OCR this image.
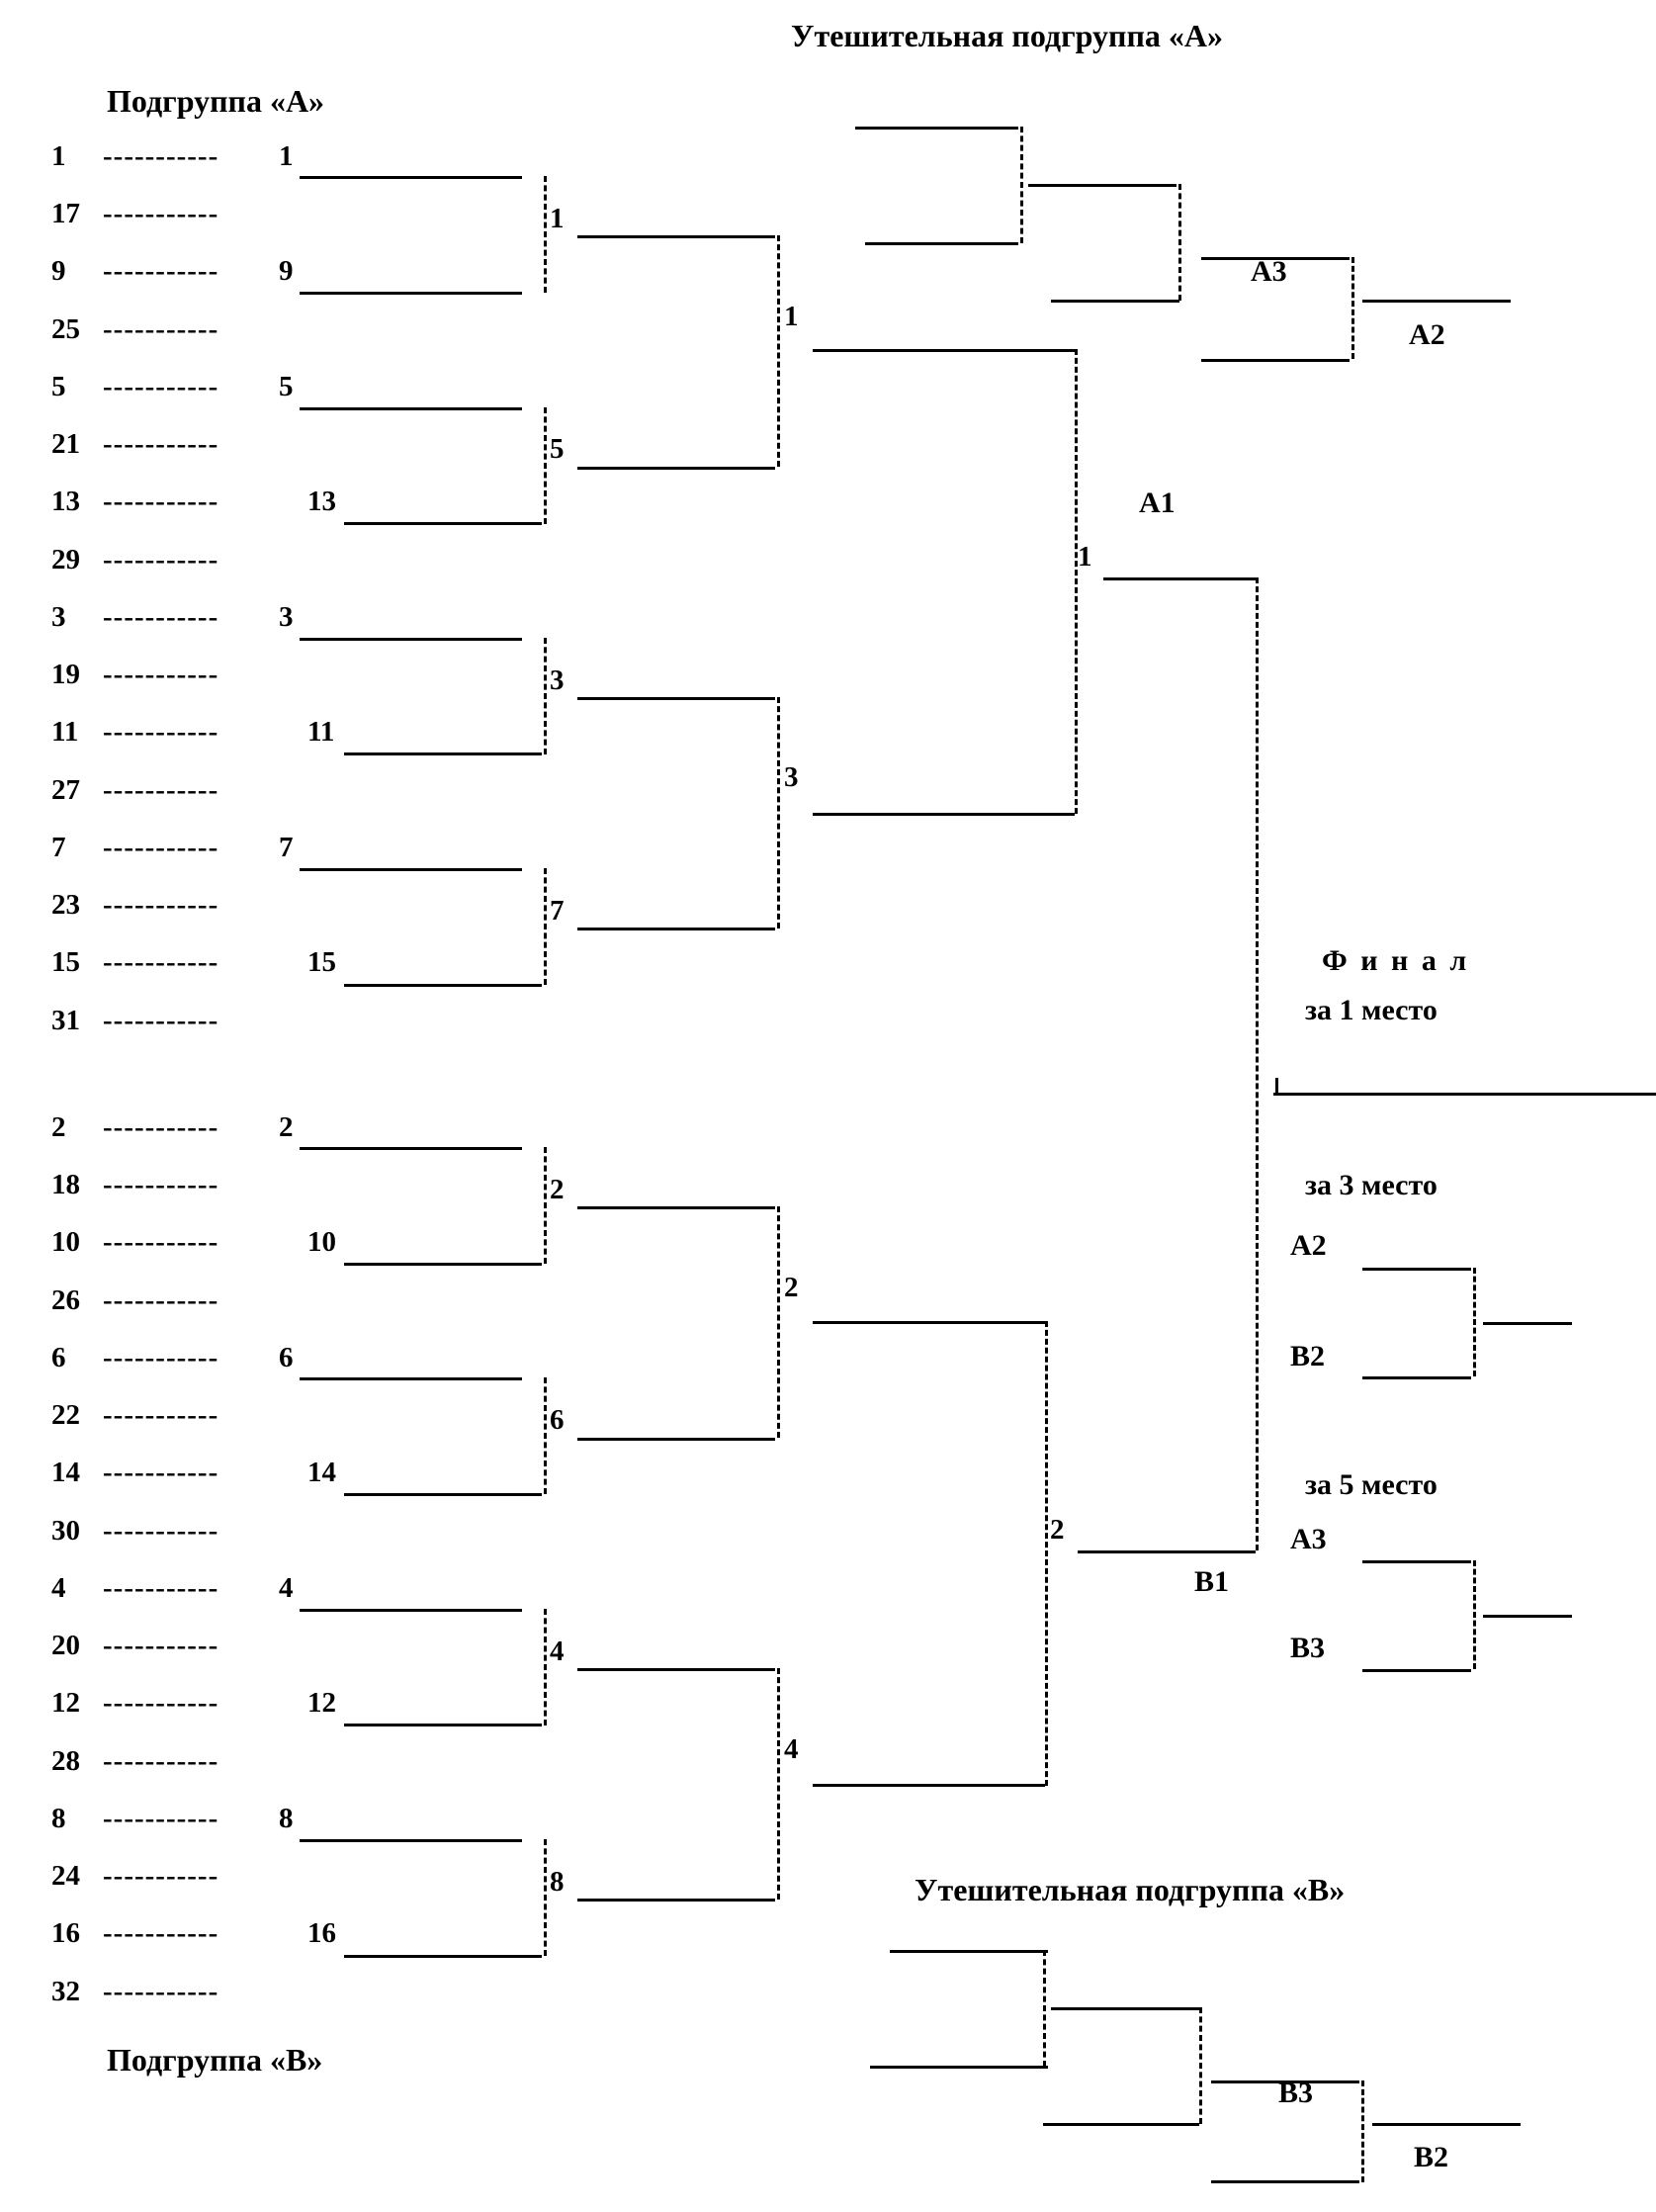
Утешительная подгруппа «А»
Подгруппа «А»
Подгруппа «В»
Утешительная подгруппа «В»
Ф и н а л
за 1 место
за 3 место
за 5 место
1 ----------- 1
17 -----------
9 ----------- 9
25 -----------
5 ----------- 5
21 -----------
13 -----------	13
29 -----------
3 ----------- 3
19 -----------
11 -----------	11
27 -----------
7 ----------- 7
23 -----------
15 -----------	15
31 -----------
1
5
3
7
1
3
1
A1
2 ----------- 2
18 -----------
10 -----------	10
26 -----------
6 ----------- 6
22 -----------
14 -----------	14
30 -----------
4 ----------- 4
20 -----------
12 -----------	12
28 -----------
8 ----------- 8
24 -----------
16 -----------	16
32 -----------
2
6
4
8
2
4
2
B1
A3
A2
B3
B2
A2
B2
A3
B3
